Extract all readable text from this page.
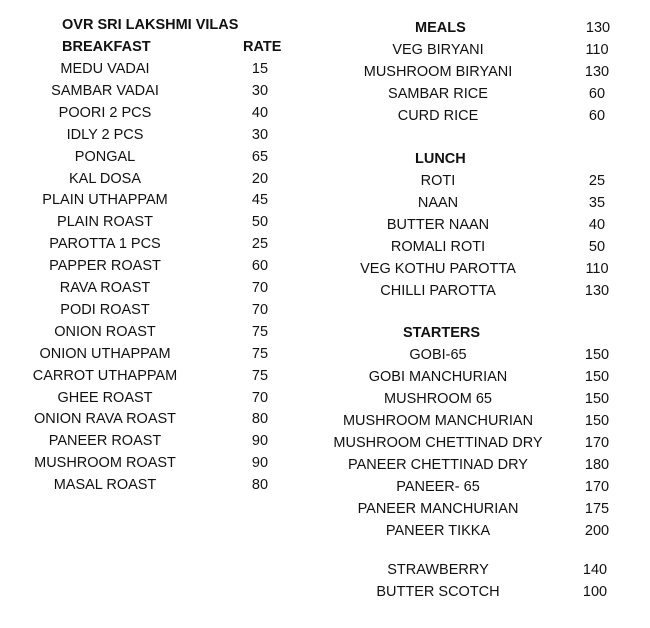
OVR SRI LAKSHMI VILAS
BREAKFAST	RATE
MEDU VADAI	15
SAMBAR VADAI	30
POORI 2 PCS	40
IDLY 2 PCS	30
PONGAL	65
KAL DOSA	20
PLAIN UTHAPPAM	45
PLAIN ROAST	50
PAROTTA 1 PCS	25
PAPPER ROAST	60
RAVA ROAST	70
PODI ROAST	70
ONION ROAST	75
ONION UTHAPPAM	75
CARROT UTHAPPAM	75
GHEE ROAST	70
ONION RAVA ROAST	80
PANEER ROAST	90
MUSHROOM ROAST	90
MASAL ROAST	80
MEALS	130
VEG BIRYANI	110
MUSHROOM BIRYANI	130
SAMBAR RICE	60
CURD RICE	60
LUNCH
ROTI	25
NAAN	35
BUTTER NAAN	40
ROMALI ROTI	50
VEG KOTHU PAROTTA	110
CHILLI PAROTTA	130
STARTERS
GOBI-65	150
GOBI MANCHURIAN	150
MUSHROOM 65	150
MUSHROOM MANCHURIAN	150
MUSHROOM CHETTINAD DRY	170
PANEER CHETTINAD DRY	180
PANEER- 65	170
PANEER MANCHURIAN	175
PANEER TIKKA	200
STRAWBERRY	140
BUTTER SCOTCH	100
